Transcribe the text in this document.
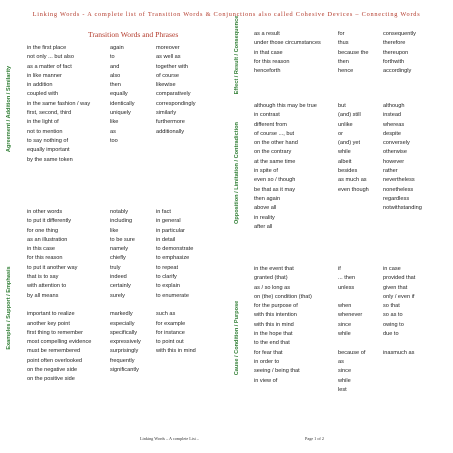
Linking Words - A complete list of Transition Words & Conjunctions also called Cohesive Devices – Connecting Words
Transition Words and Phrases
Agreement / Addition / Similarity
in the first place
not only ... but also
as a matter of fact
in like manner
in addition
coupled with
in the same fashion / way
first, second, third
in the light of
not to mention
to say nothing of
equally important
by the same token
again
to
and
also
then
equally
identically
uniquely
like
as
too
moreover
as well as
together with
of course
likewise
comparatively
correspondingly
similarly
furthermore
additionally
Examples / Support / Emphasis
in other words
to put it differently
for one thing
as an illustration
in this case
for this reason
to put it another way
that is to say
with attention to
by all means
important to realize
another key point
first thing to remember
most compelling evidence
must be remembered
point often overlooked
on the negative side
on the positive side
notably
including
like
to be sure
namely
chiefly
truly
indeed
certainly
surely
markedly
especially
specifically
expressively
surprisingly
frequently
significantly
in fact
in general
in particular
in detail
to demonstrate
to emphasize
to repeat
to clarify
to explain
to enumerate
such as
for example
for instance
to point out
with this in mind
Effect / Result / Consequence	as a result
under those circumstances
in that case
for this reason
henceforth
for
thus
because the
then
hence
consequently
therefore
thereupon
forthwith
accordingly
Opposition / Limitation / Contradiction
although this may be true
in contrast
different from
of course ..., but
on the other hand
on the contrary
at the same time
in spite of
even so / though
be that as it may
then again
above all
in reality
after all
but
(and) still
unlike
or
(and) yet
while
albeit
besides
as much as
even though
although
instead
whereas
despite
conversely
otherwise
however
rather
nevertheless
nonetheless
regardless
notwithstanding
Cause / Condition / Purpose
in the event that
granted (that)
as / so long as
on (the) condition (that)
for the purpose of
with this intention
with this in mind
in the hope that
to the end that
for fear that
in order to
seeing / being that
in view of
if
... then
unless
when
whenever
since
while
because of
as
since
while
lest
in case
provided that
given that
only / even if
so that
so as to
owing to
due to
inasmuch as
Linking Words – A complete List –	Page 1 of 2
